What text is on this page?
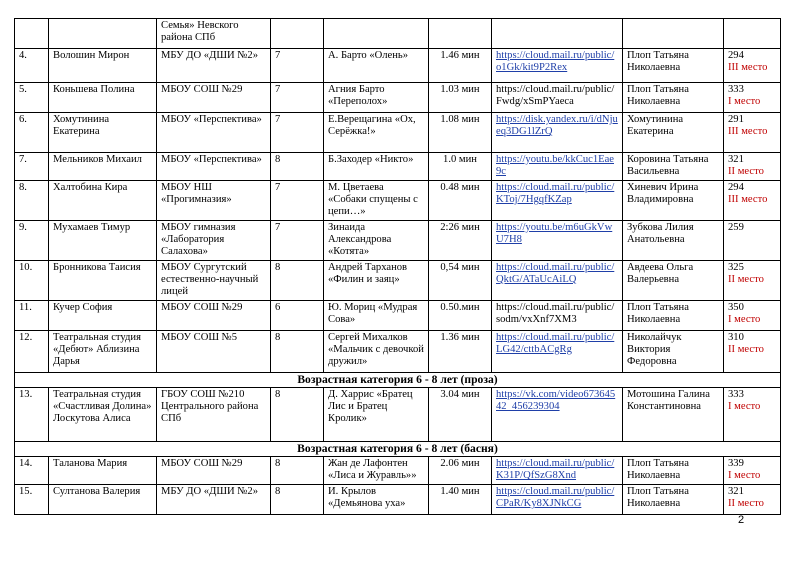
		Семья» Невского района СПб						
4.	Волошин Мирон	МБУ ДО «ДШИ №2»	7	А. Барто «Олень»	1.46 мин	https://cloud.mail.ru/public/o1Gk/kit9P2Rex	Плоп Татьяна Николаевна	294
III место

5.	Коньшева Полина	МБОУ СОШ №29	7	Агния Барто «Переполох»	1.03 мин	https://cloud.mail.ru/public/Fwdg/xSmPYaeca	Плоп Татьяна Николаевна	333
I место

6.	Хомутинина Екатерина	МБОУ «Перспектива»	7	Е.Верещагина «Ох, Серёжка!»	1.08 мин	https://disk.yandex.ru/i/dNjueq3DG1lZrQ	Хомутинина Екатерина	291
III место

7.	Мельников Михаил	МБОУ «Перспектива»	8	Б.Заходер «Никто»	1.0 мин	https://youtu.be/kkCuc1Eae9c	Коровина Татьяна Васильевна	321
II место

8.	Халтобина Кира	МБОУ НШ «Прогимназия»	7	М. Цветаева «Собаки спущены с цепи…»	0.48 мин	https://cloud.mail.ru/public/KToj/7HgqfKZap	Хиневич Ирина Владимировна	294
III место

9.	Мухамаев Тимур	МБОУ гимназия «Лаборатория Салахова»	7	Зинаида Александрова «Котята»	2:26 мин	https://youtu.be/m6uGkVwU7H8	Зубкова Лилия Анатольевна	259
10.	Бронникова Таисия	МБОУ Сургутский естественно-научный лицей	8	Андрей Тарханов «Филин и заяц»	0,54 мин	https://cloud.mail.ru/public/QktG/ATaUcAiLQ	Авдеева Ольга Валерьевна	325
II место

11.	Кучер София	МБОУ СОШ №29	6	Ю. Мориц «Мудрая Сова»	0.50.мин	https://cloud.mail.ru/public/sodm/vxXnf7XM3	Плоп Татьяна Николаевна	350
I место

12.	Театральная студия «Дебют» Аблизина Дарья	МБОУ СОШ №5	8	Сергей Михалков «Мальчик с девочкой дружил»	1.36 мин	https://cloud.mail.ru/public/LG42/cttbACgRg	Николайчук Виктория Федоровна	310
II место

Возрастная категория 6 - 8 лет (проза)								
13.	Театральная студия «Счастливая Долина» Лоскутова Алиса	ГБОУ СОШ №210 Центрального района СПб	8	Д. Харрис «Братец Лис и Братец Кролик»	3.04 мин	https://vk.com/video67364542_456239304	Мотошина Галина Константиновна	333
I место

Возрастная категория 6 - 8 лет (басня)								
14.	Таланова Мария	МБОУ СОШ №29	8	Жан де Лафонтен «Лиса и Журавль»»	2.06 мин	https://cloud.mail.ru/public/K31P/QfSzG8Xnd	Плоп Татьяна Николаевна	339
I место

15.	Султанова Валерия	МБУ ДО «ДШИ №2»	8	И. Крылов «Демьянова уха»	1.40 мин	https://cloud.mail.ru/public/CPaR/Ky8XJNkCG	Плоп Татьяна Николаевна	321
II место
2
